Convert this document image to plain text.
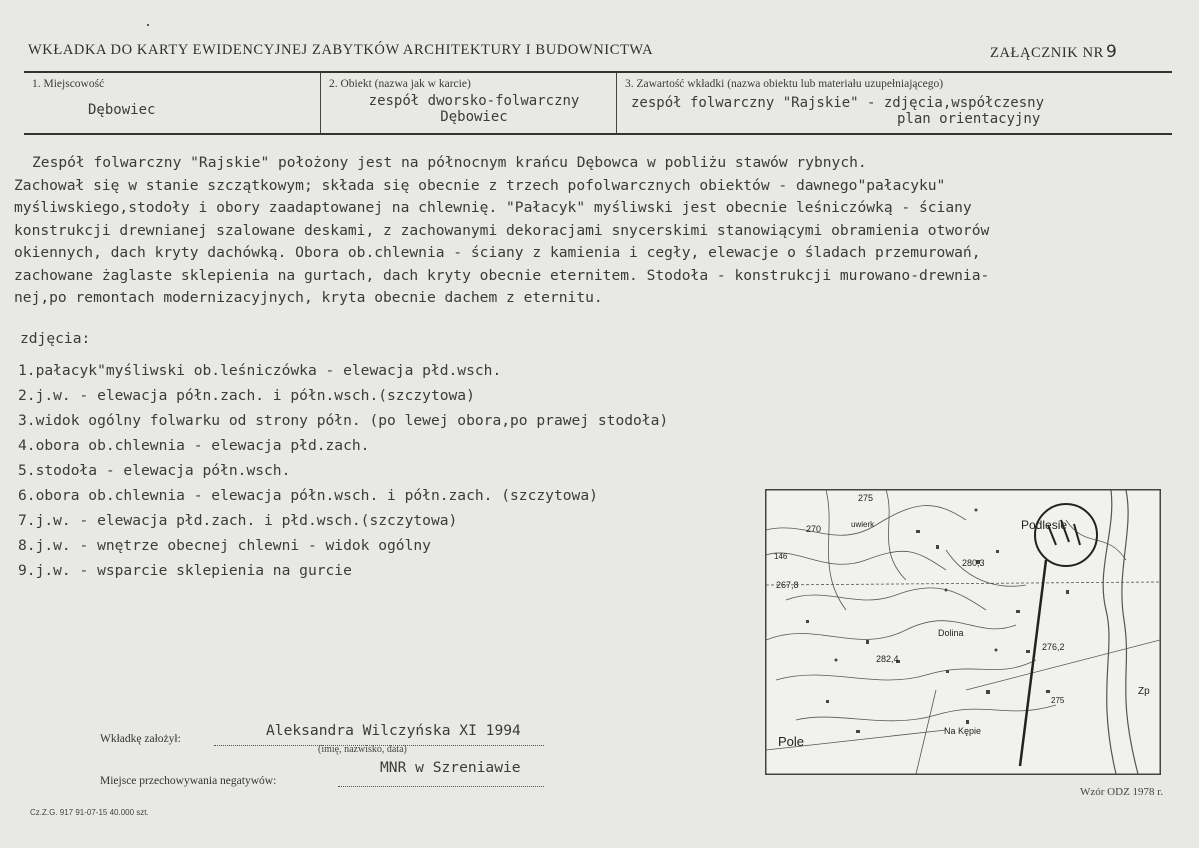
WKŁADKA DO KARTY EWIDENCYJNEJ ZABYTKÓW ARCHITEKTURY I BUDOWNICTWA	ZAŁĄCZNIK NR 9
1. Miejscowość
Dębowiec
2. Obiekt (nazwa jak w karcie)
zespół dworsko-folwarczny
Dębowiec
3. Zawartość wkładki (nazwa obiektu lub materiału uzupełniającego)
zespół folwarczny "Rajskie" - zdjęcia,współczesny
plan orientacyjny

Zespół folwarczny "Rajskie" położony jest na północnym krańcu Dębowca w pobliżu stawów rybnych.

Zachował się w stanie szczątkowym; składa się obecnie z trzech pofolwarcznych obiektów - dawnego"pałacyku"

myśliwskiego,stodoły i obory zaadaptowanej na chlewnię. "Pałacyk" myśliwski jest obecnie leśniczówką - ściany

konstrukcji drewnianej szalowane deskami, z zachowanymi dekoracjami snycerskimi stanowiącymi obramienia otworów

okiennych, dach kryty dachówką. Obora ob.chlewnia - ściany z kamienia i cegły, elewacje o śladach przemurowań,

zachowane żaglaste sklepienia na gurtach, dach kryty obecnie eternitem. Stodoła - konstrukcji murowano-drewnia-

nej,po remontach modernizacyjnych, kryta obecnie dachem z eternitu.

zdjęcia:
1.pałacyk"myśliwski ob.leśniczówka - elewacja płd.wsch.
2.j.w. - elewacja półn.zach. i półn.wsch.(szczytowa)
3.widok ogólny folwarku od strony półn. (po lewej obora,po prawej stodoła)
4.obora ob.chlewnia - elewacja płd.zach.
5.stodoła - elewacja półn.wsch.
6.obora ob.chlewnia - elewacja półn.wsch. i półn.zach. (szczytowa)
7.j.w. - elewacja płd.zach. i płd.wsch.(szczytowa)
8.j.w. - wnętrze obecnej chlewni - widok ogólny
9.j.w. - wsparcie sklepienia na gurcie
Podlesie
Dolina
Na Kępie
Pole
uwierk
Zp
275
270
280,3
267,8
282,4
276,2
275
146
Wkładkę założył:	Aleksandra Wilczyńska XI 1994
(imię, nazwisko, data)
Miejsce przechowywania negatywów:
MNR w Szreniawie
Cz.Z.G. 917 91-07-15 40.000 szt.
Wzór ODZ 1978 r.
